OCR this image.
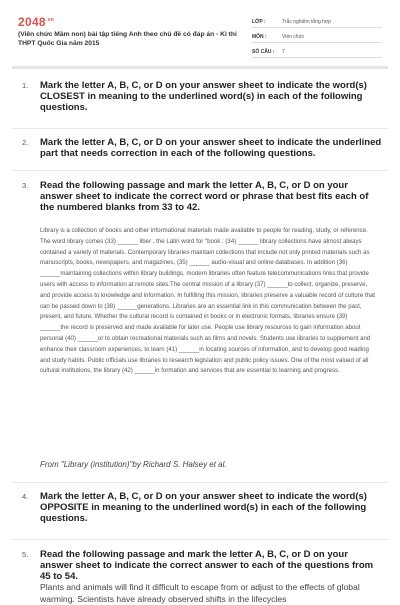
$2048^{.vn}$
(Viên chức Mầm non) bài tập tiếng Anh theo chủ đề có đáp án - Kì thi THPT Quốc Gia năm 2015
LỚP :	Trắc nghiệm tổng hợp
MÔN :	Viên chức
SỐ CÂU :	7
1.	Mark the letter A, B, C, or D on your answer sheet to indicate the word(s) CLOSEST in meaning to the underlined word(s) in each of the following questions.
2.	Mark the letter A, B, C, or D on your answer sheet to indicate the underlined part that needs correction in each of the following questions.
3.	Read the following passage and mark the letter A, B, C, or D on your answer sheet to indicate the correct word or phrase that best fits each of the numbered blanks from 33 to 42.
Library is a collection of books and other informational materials made available to people for reading, study, or reference. The word library comes (33) ______ liber , the Latin word for "book : (34) ______ library collections have almost always contained a variety of materials. Contemporary libraries maintain collections that include not only printed materials such as manuscripts, books, newspapers, and magazines, (35) ______ audio-visual and online databases. In addition (36) ______maintaining collections within library buildings, modern libraries often feature telecommunications links that provide users with access to information at remote sites.The central mission of a library (37) ______to collect, organize, preserve, and provide access to knowledge and information. In fulfilling this mission, libraries preserve a valuable record of culture that can be passed down to (38) ______generations. Libraries are an essential link in this communication between the past, present, and future. Whether the cultural record is contained in books or in electronic formats, libraries ensure (39) ______the record is preserved and made available for later use. People use library resources to gain information about personal (40) ______or to obtain recreational materials such as films and novels. Students use libraries to supplement and enhance their classroom experiences, to learn (41) ______in locating sources of information, and to develop good reading and study habits. Public officials use libraries to research legislation and public policy issues. One of the most valued of all cultural institutions, the library (42) ______in formation and services that are essential to learning and progress.
From "Library (institution)"by Richard S. Halsey et al.
4.	Mark the letter A, B, C, or D on your answer sheet to indicate the word(s) OPPOSITE in meaning to the underlined word(s) in each of the following questions.
5.	Read the following passage and mark the letter A, B, C, or D on your answer sheet to indicate the correct answer to each of the questions from 45 to 54.
Plants and animals will find it difficult to escape from or adjust to the effects of global warming. Scientists have already observed shifts in the lifecycles
